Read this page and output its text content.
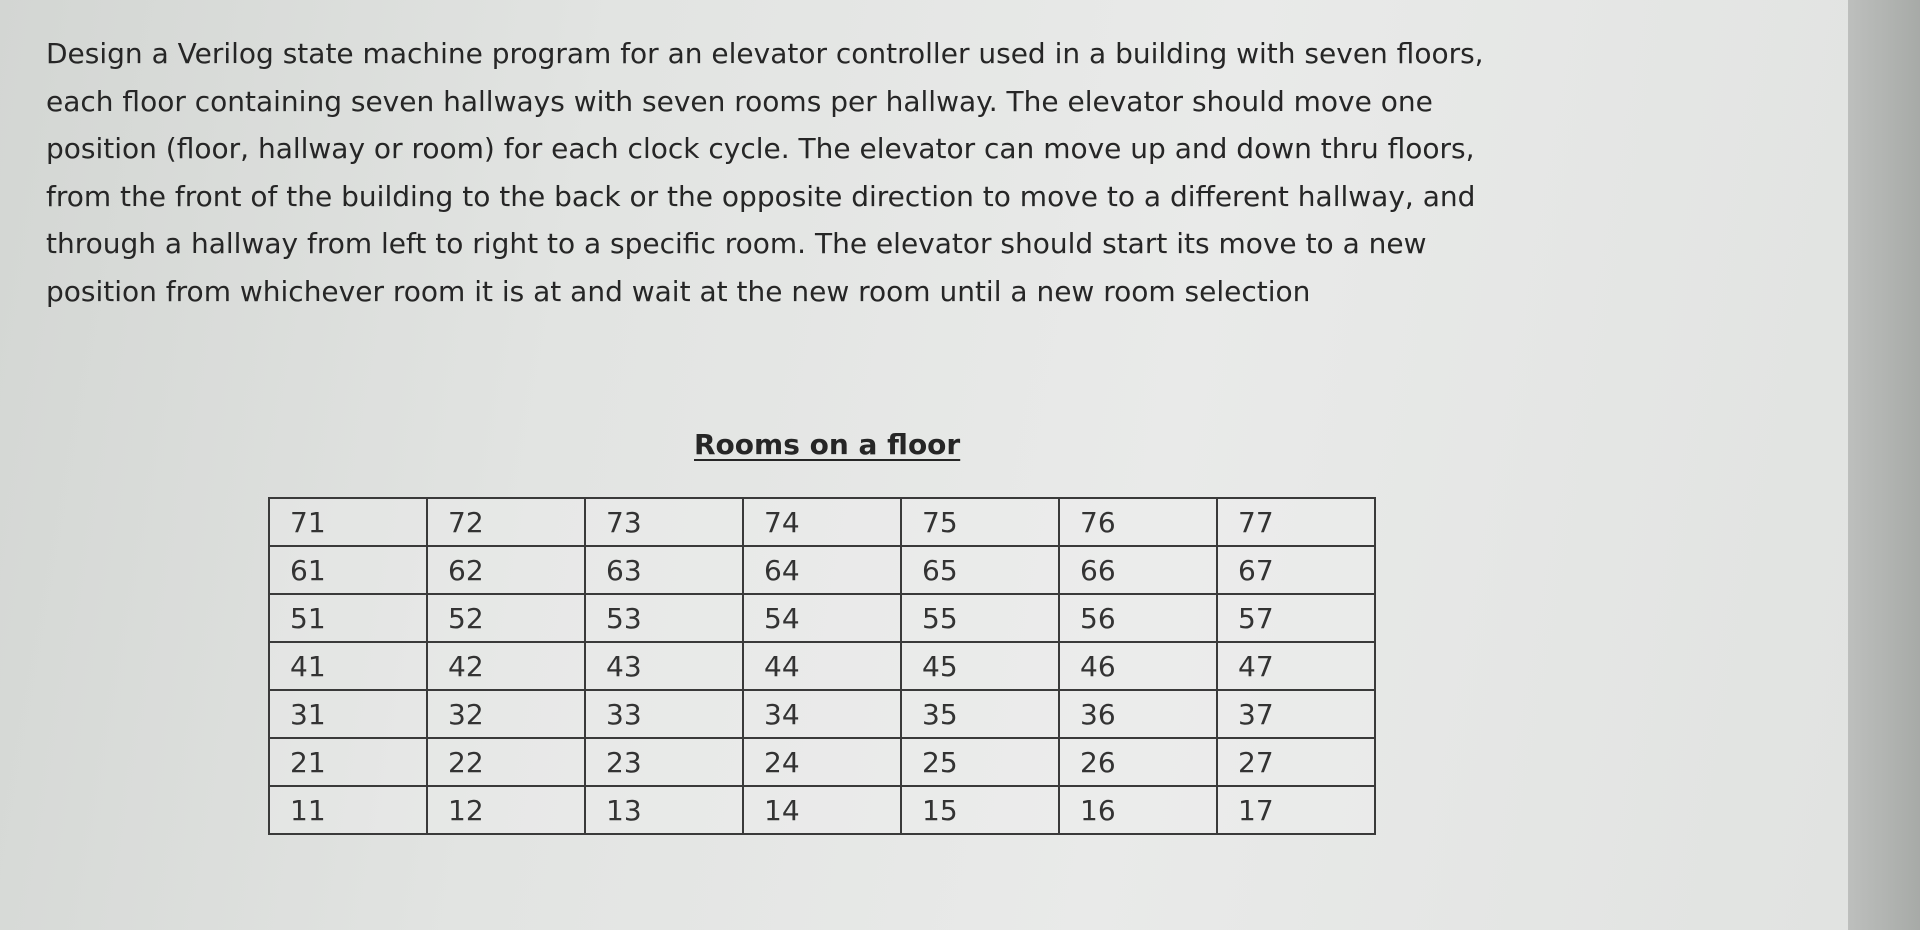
Design a Verilog state machine program for an elevator controller used in a building with seven floors,
each floor containing seven hallways with seven rooms per hallway. The elevator should move one
position (floor, hallway or room) for each clock cycle. The elevator can move up and down thru floors,
from the front of the building to the back or the opposite direction to move to a different hallway, and
through a hallway from left to right to a specific room. The elevator should start its move to a new
position from whichever room it is at and wait at the new room until a new room selection
Rooms on a floor
71	72	73	74	75	76	77
61	62	63	64	65	66	67
51	52	53	54	55	56	57
41	42	43	44	45	46	47
31	32	33	34	35	36	37
21	22	23	24	25	26	27
11	12	13	14	15	16	17
